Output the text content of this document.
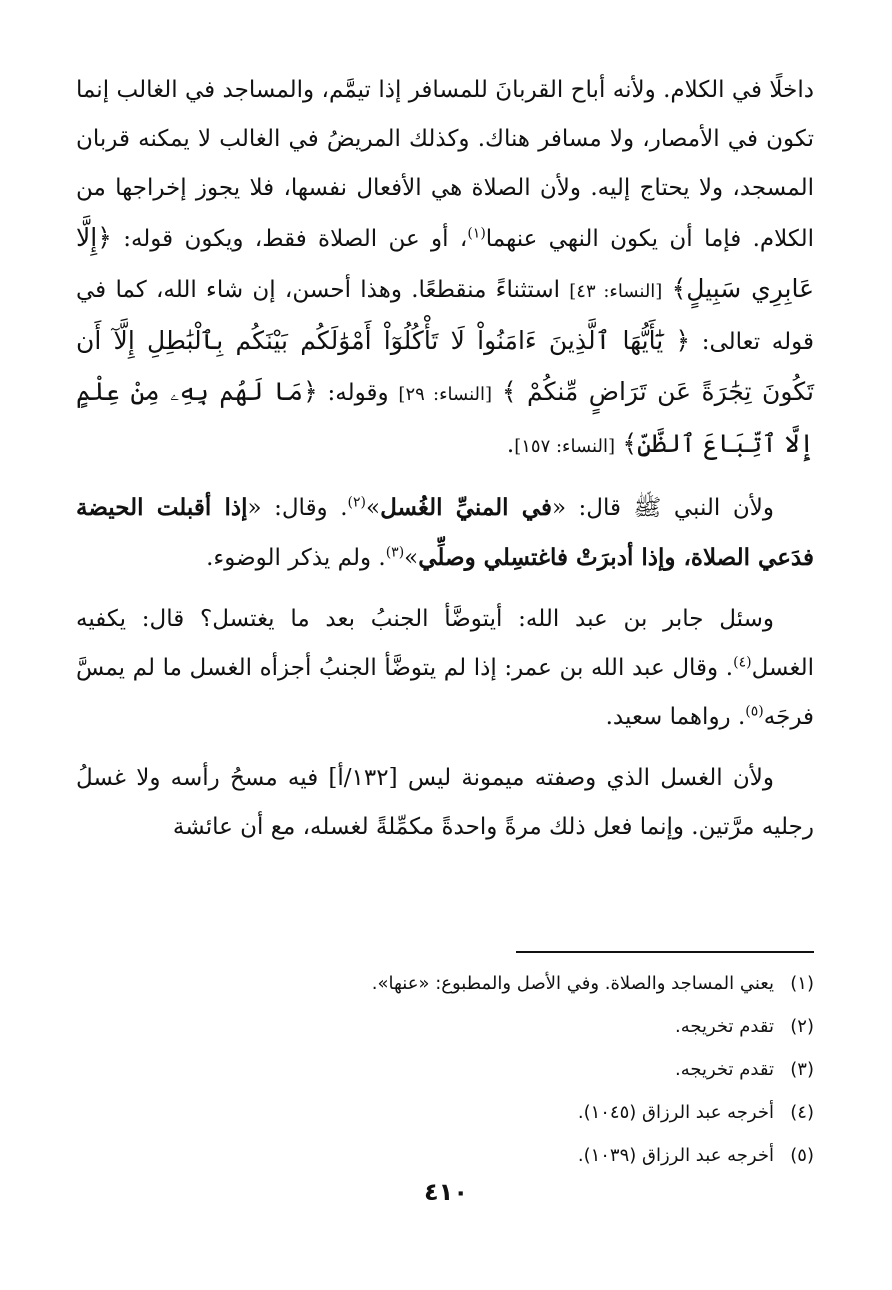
داخلًا في الكلام. ولأنه أباح القربانَ للمسافر إذا تيمَّم، والمساجد في الغالب إنما تكون في الأمصار، ولا مسافر هناك. وكذلك المريضُ في الغالب لا يمكنه قربان المسجد، ولا يحتاج إليه. ولأن الصلاة هي الأفعال نفسها، فلا يجوز إخراجها من الكلام. فإما أن يكون النهي عنهما$^{(١)}$، أو عن الصلاة فقط، ويكون قوله: ﴿إِلَّا عَابِرِي سَبِيلٍ﴾ [النساء: ٤٣] استثناءً منقطعًا. وهذا أحسن، إن شاء الله، كما في قوله تعالى: ﴿ يَٰٓأَيُّهَا ٱلَّذِينَ ءَامَنُواْ لَا تَأْكُلُوٓاْ أَمْوَٰلَكُم بَيْنَكُم بِٱلْبَٰطِلِ إِلَّآ أَن تَكُونَ تِجَٰرَةً عَن تَرَاضٍ مِّنكُمْ ﴾ [النساء: ٢٩] وقوله: ﴿مَا لَهُم بِهِۦ مِنْ عِلْمٍ إِلَّا ٱتِّبَاعَ ٱلظَّنِّ﴾ [النساء: ١٥٧].

ولأن النبي ﷺ قال: «في المنيِّ الغُسل»$^{(٢)}$. وقال: «إذا أقبلت الحيضة فدَعي الصلاة، وإذا أدبرَتْ فاغتسِلي وصلِّي»$^{(٣)}$. ولم يذكر الوضوء.

وسئل جابر بن عبد الله: أيتوضَّأ الجنبُ بعد ما يغتسل؟ قال: يكفيه الغسل$^{(٤)}$. وقال عبد الله بن عمر: إذا لم يتوضَّأ الجنبُ أجزأه الغسل ما لم يمسَّ فرجَه$^{(٥)}$. رواهما سعيد.

ولأن الغسل الذي وصفته ميمونة ليس [١٣٢/أ] فيه مسحُ رأسه ولا غسلُ رجليه مرَّتين. وإنما فعل ذلك مرةً واحدةً مكمِّلةً لغسله، مع أن عائشة

(١)
يعني المساجد والصلاة. وفي الأصل والمطبوع: «عنها».

(٢)
تقدم تخريجه.

(٣)
تقدم تخريجه.

(٤)
أخرجه عبد الرزاق (١٠٤٥).

(٥)
أخرجه عبد الرزاق (١٠٣٩).

٤١٠
